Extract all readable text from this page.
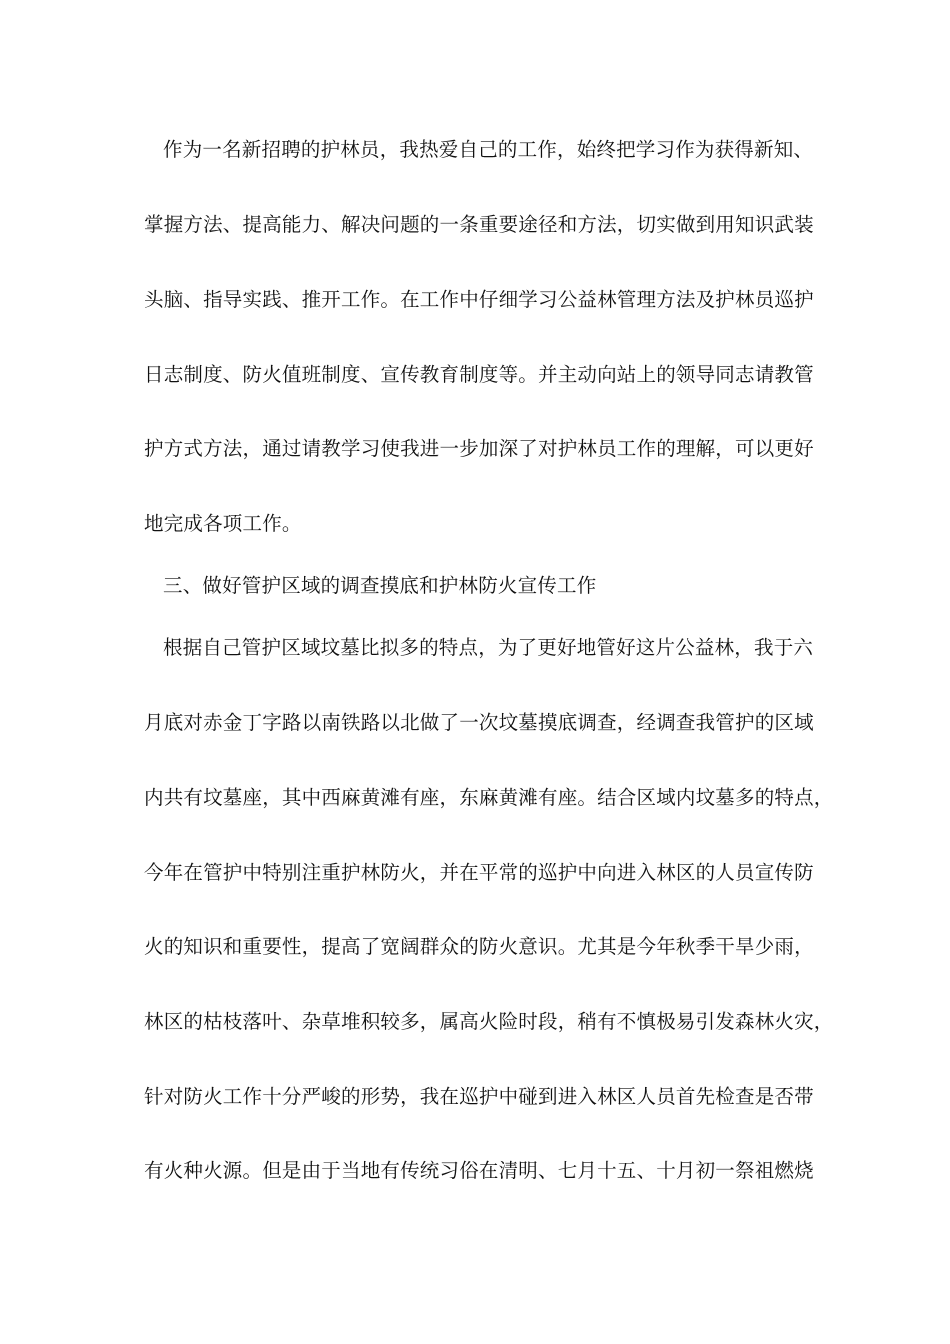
作为一名新招聘的护林员，我热爱自己的工作，始终把学习作为获得新知、
掌握方法、提高能力、解决问题的一条重要途径和方法，切实做到用知识武装
头脑、指导实践、推开工作。在工作中仔细学习公益林管理方法及护林员巡护
日志制度、防火值班制度、宣传教育制度等。并主动向站上的领导同志请教管
护方式方法，通过请教学习使我进一步加深了对护林员工作的理解，可以更好
地完成各项工作。
三、做好管护区域的调查摸底和护林防火宣传工作
根据自己管护区域坟墓比拟多的特点，为了更好地管好这片公益林，我于六
月底对赤金丁字路以南铁路以北做了一次坟墓摸底调查，经调查我管护的区域
内共有坟墓座，其中西麻黄滩有座，东麻黄滩有座。结合区域内坟墓多的特点，
今年在管护中特别注重护林防火，并在平常的巡护中向进入林区的人员宣传防
火的知识和重要性，提高了宽阔群众的防火意识。尤其是今年秋季干旱少雨，
林区的枯枝落叶、杂草堆积较多，属高火险时段，稍有不慎极易引发森林火灾，
针对防火工作十分严峻的形势，我在巡护中碰到进入林区人员首先检查是否带
有火种火源。但是由于当地有传统习俗在清明、七月十五、十月初一祭祖燃烧
